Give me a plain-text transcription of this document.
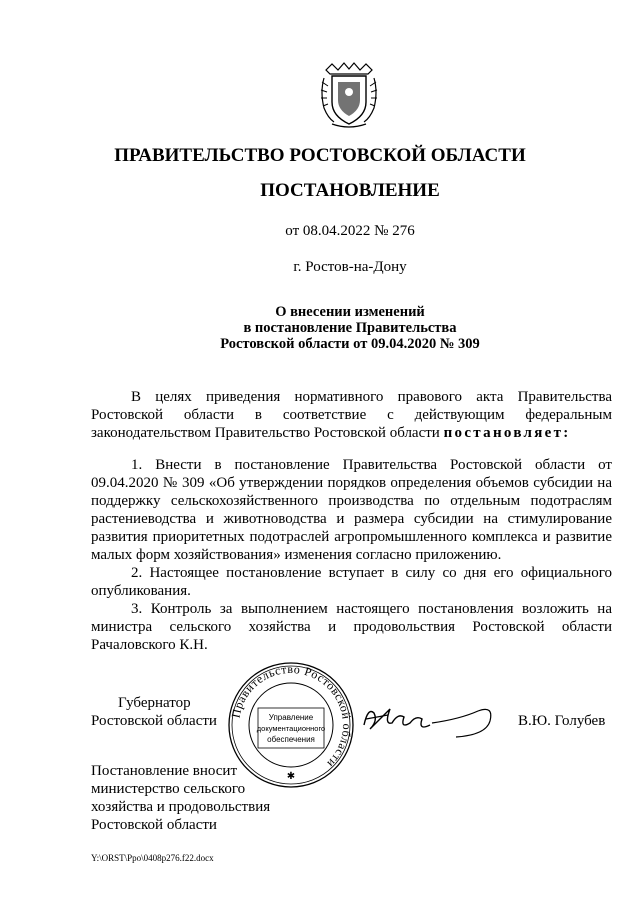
ПРАВИТЕЛЬСТВО РОСТОВСКОЙ ОБЛАСТИ
ПОСТАНОВЛЕНИЕ
от 08.04.2022 № 276
г. Ростов-на-Дону
О внесении изменений
в постановление Правительства
Ростовской области от 09.04.2020 № 309

В целях приведения нормативного правового акта Правительства Ростовской области в соответствие с действующим федеральным законодательством Правительство Ростовской области постановляет:

1. Внести в постановление Правительства Ростовской области от 09.04.2020 № 309 «Об утверждении порядков определения объемов субсидии на поддержку сельскохозяйственного производства по отдельным подотраслям растениеводства и животноводства и размера субсидии на стимулирование развития приоритетных подотраслей агропромышленного комплекса и развитие малых форм хозяйствования» изменения согласно приложению.

2. Настоящее постановление вступает в силу со дня его официального опубликования.

3. Контроль за выполнением настоящего постановления возложить на министра сельского хозяйства и продовольствия Ростовской области Рачаловского К.Н.

Губернатор
Ростовской области Правительство Ростовской области
Управление
документационного
обеспечения
✱
В.Ю. Голубев
Постановление вносит
министерство сельского
хозяйства и продовольствия
Ростовской области
Y:\ORST\Ppo\0408p276.f22.docx
